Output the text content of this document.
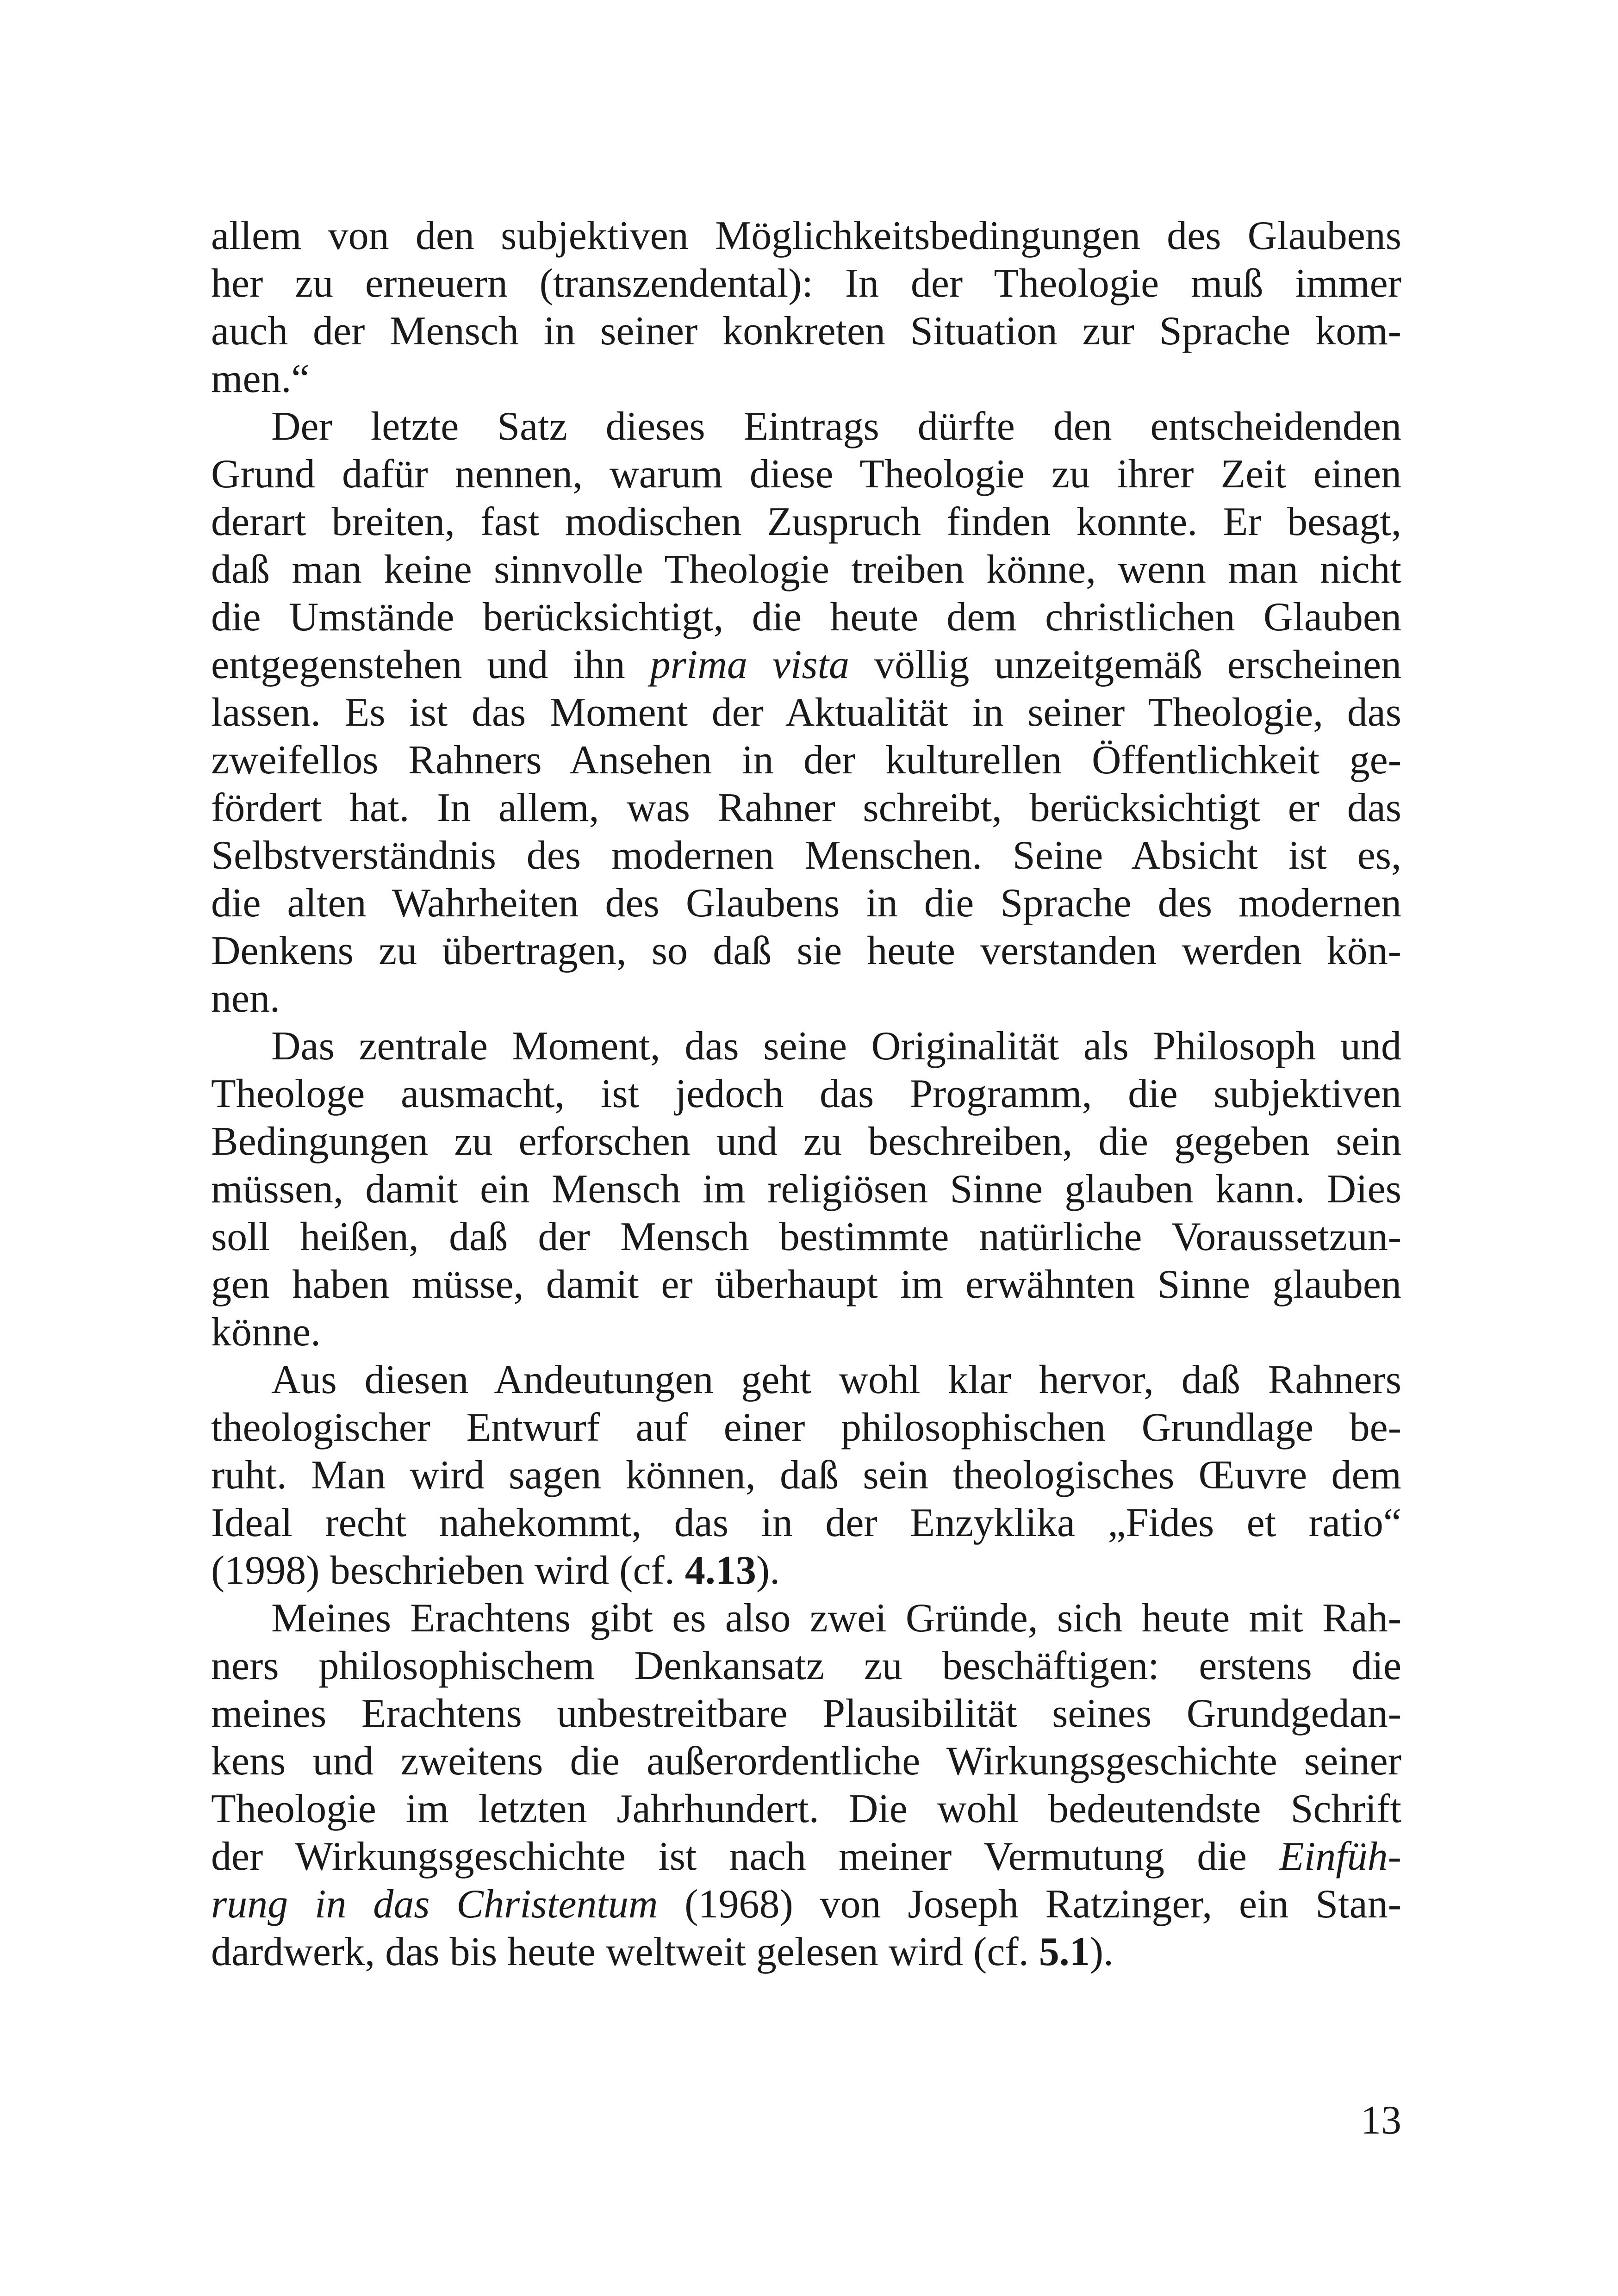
allem von den subjektiven Möglichkeitsbedingungen des Glaubens
her zu erneuern (transzendental): In der Theologie muß immer
auch der Mensch in seiner konkreten Situation zur Sprache kom-
men.“
Der letzte Satz dieses Eintrags dürfte den entscheidenden
Grund dafür nennen, warum diese Theologie zu ihrer Zeit einen
derart breiten, fast modischen Zuspruch finden konnte. Er besagt,
daß man keine sinnvolle Theologie treiben könne, wenn man nicht
die Umstände berücksichtigt, die heute dem christlichen Glauben
entgegenstehen und ihn prima vista völlig unzeitgemäß erscheinen
lassen. Es ist das Moment der Aktualität in seiner Theologie, das
zweifellos Rahners Ansehen in der kulturellen Öffentlichkeit ge-
fördert hat. In allem, was Rahner schreibt, berücksichtigt er das
Selbstverständnis des modernen Menschen. Seine Absicht ist es,
die alten Wahrheiten des Glaubens in die Sprache des modernen
Denkens zu übertragen, so daß sie heute verstanden werden kön-
nen.
Das zentrale Moment, das seine Originalität als Philosoph und
Theologe ausmacht, ist jedoch das Programm, die subjektiven
Bedingungen zu erforschen und zu beschreiben, die gegeben sein
müssen, damit ein Mensch im religiösen Sinne glauben kann. Dies
soll heißen, daß der Mensch bestimmte natürliche Voraussetzun-
gen haben müsse, damit er überhaupt im erwähnten Sinne glauben
könne.
Aus diesen Andeutungen geht wohl klar hervor, daß Rahners
theologischer Entwurf auf einer philosophischen Grundlage be-
ruht. Man wird sagen können, daß sein theologisches Œuvre dem
Ideal recht nahekommt, das in der Enzyklika „Fides et ratio“
(1998) beschrieben wird (cf. 4.13).
Meines Erachtens gibt es also zwei Gründe, sich heute mit Rah-
ners philosophischem Denkansatz zu beschäftigen: erstens die
meines Erachtens unbestreitbare Plausibilität seines Grundgedan-
kens und zweitens die außerordentliche Wirkungsgeschichte seiner
Theologie im letzten Jahrhundert. Die wohl bedeutendste Schrift
der Wirkungsgeschichte ist nach meiner Vermutung die Einfüh-
rung in das Christentum (1968) von Joseph Ratzinger, ein Stan-
dardwerk, das bis heute weltweit gelesen wird (cf. 5.1).
13
